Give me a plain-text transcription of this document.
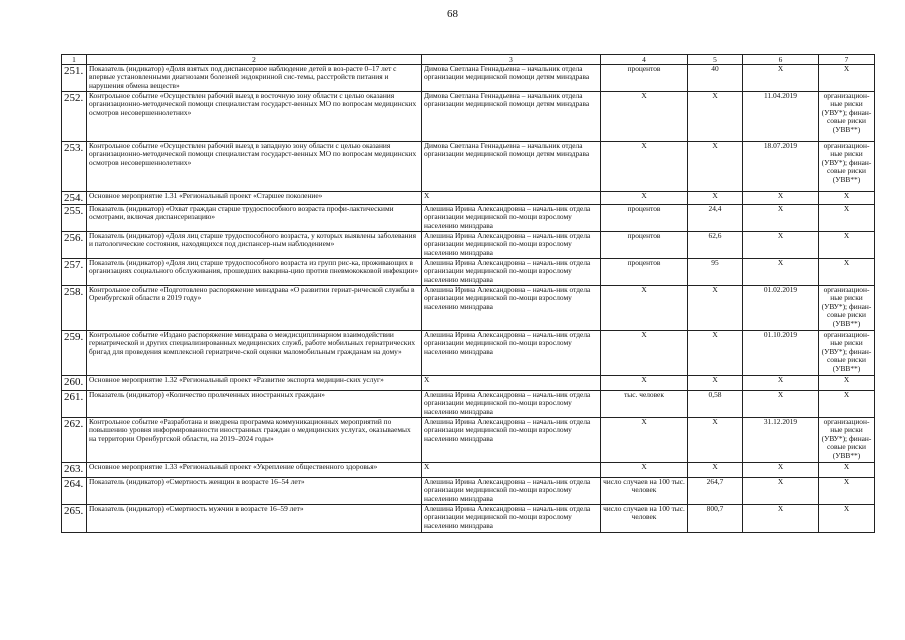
68
1	2	3	4	5	6	7
251.	Показатель (индикатор) «Доля взятых под диспансерное наблюдение детей в воз-расте 0–17 лет с впервые установленными диагнозами болезней эндокринной сис-темы, расстройств питания и нарушения обмена веществ»	Димова Светлана Геннадьевна – начальник отдела организации медицинской помощи детям минздрава	процентов	40	Х	Х
252.	Контрольное событие «Осуществлен рабочий выезд в восточную зону области с целью оказания организационно-методической помощи специалистам государст-венных МО по вопросам медицинских осмотров несовершеннолетних»	Димова Светлана Геннадьевна – начальник отдела организации медицинской помощи детям минздрава	Х	Х	11.04.2019	организацион-ные риски (УВУ*); финан-совые риски (УВВ**)
253.	Контрольное событие «Осуществлен рабочий выезд в западную зону области с целью оказания организационно-методической помощи специалистам государст-венных МО по вопросам медицинских осмотров несовершеннолетних»	Димова Светлана Геннадьевна – начальник отдела организации медицинской помощи детям минздрава	Х	Х	18.07.2019	организацион-ные риски (УВУ*); финан-совые риски (УВВ**)
254.	Основное мероприятие 1.31 «Региональный проект «Старшее поколение»	Х	Х	Х	Х	Х
255.	Показатель (индикатор) «Охват граждан старше трудоспособного возраста профи-лактическими осмотрами, включая диспансеризацию»	Алешина Ирина Александровна – началь-ник отдела организации медицинской по-мощи взрослому населению минздрава	процентов	24,4	Х	Х
256.	Показатель (индикатор) «Доля лиц старше трудоспособного возраста, у которых выявлены заболевания и патологические состояния, находящихся под диспансер-ным наблюдением»	Алешина Ирина Александровна – началь-ник отдела организации медицинской по-мощи взрослому населению минздрава	процентов	62,6	Х	Х
257.	Показатель (индикатор) «Доля лиц старше трудоспособного возраста из групп рис-ка, проживающих в организациях социального обслуживания, прошедших вакцина-цию против пневмококковой инфекции»	Алешина Ирина Александровна – началь-ник отдела организации медицинской по-мощи взрослому населению минздрава	процентов	95	Х	Х
258.	Контрольное событие «Подготовлено распоряжение минздрава «О развитии гериат-рической службы в Оренбургской области в 2019 году»	Алешина Ирина Александровна – началь-ник отдела организации медицинской по-мощи взрослому населению минздрава	Х	Х	01.02.2019	организацион-ные риски (УВУ*); финан-совые риски (УВВ**)
259.	Контрольное событие «Издано распоряжение минздрава о междисциплинарном взаимодействии гериатрической и других специализированных медицинских служб, работе мобильных гериатрических бригад для проведения комплексной гериатриче-ской оценки маломобильным гражданам на дому»	Алешина Ирина Александровна – началь-ник отдела организации медицинской по-мощи взрослому населению минздрава	Х	Х	01.10.2019	организацион-ные риски (УВУ*); финан-совые риски (УВВ**)
260.	Основное мероприятие 1.32 «Региональный проект «Развитие экспорта медицин-ских услуг»	Х	Х	Х	Х	Х
261.	Показатель (индикатор) «Количество пролеченных иностранных граждан»	Алешина Ирина Александровна – началь-ник отдела организации медицинской по-мощи взрослому населению минздрава	тыс. человек	0,58	Х	Х
262.	Контрольное событие «Разработана и внедрена программа коммуникационных мероприятий по повышению уровня информированности иностранных граждан о медицинских услугах, оказываемых на территории Оренбургской области, на 2019–2024 годы»	Алешина Ирина Александровна – началь-ник отдела организации медицинской по-мощи взрослому населению минздрава	Х	Х	31.12.2019	организацион-ные риски (УВУ*); финан-совые риски (УВВ**)
263.	Основное мероприятие 1.33 «Региональный проект «Укрепление общественного здоровья»	Х	Х	Х	Х	Х
264.	Показатель (индикатор) «Смертность женщин в возрасте 16–54 лет»	Алешина Ирина Александровна – началь-ник отдела организации медицинской по-мощи взрослому населению минздрава	число случаев на 100 тыс. человек	264,7	Х	Х
265.	Показатель (индикатор) «Смертность мужчин в возрасте 16–59 лет»	Алешина Ирина Александровна – началь-ник отдела организации медицинской по-мощи взрослому населению минздрава	число случаев на 100 тыс. человек	800,7	Х	Х
